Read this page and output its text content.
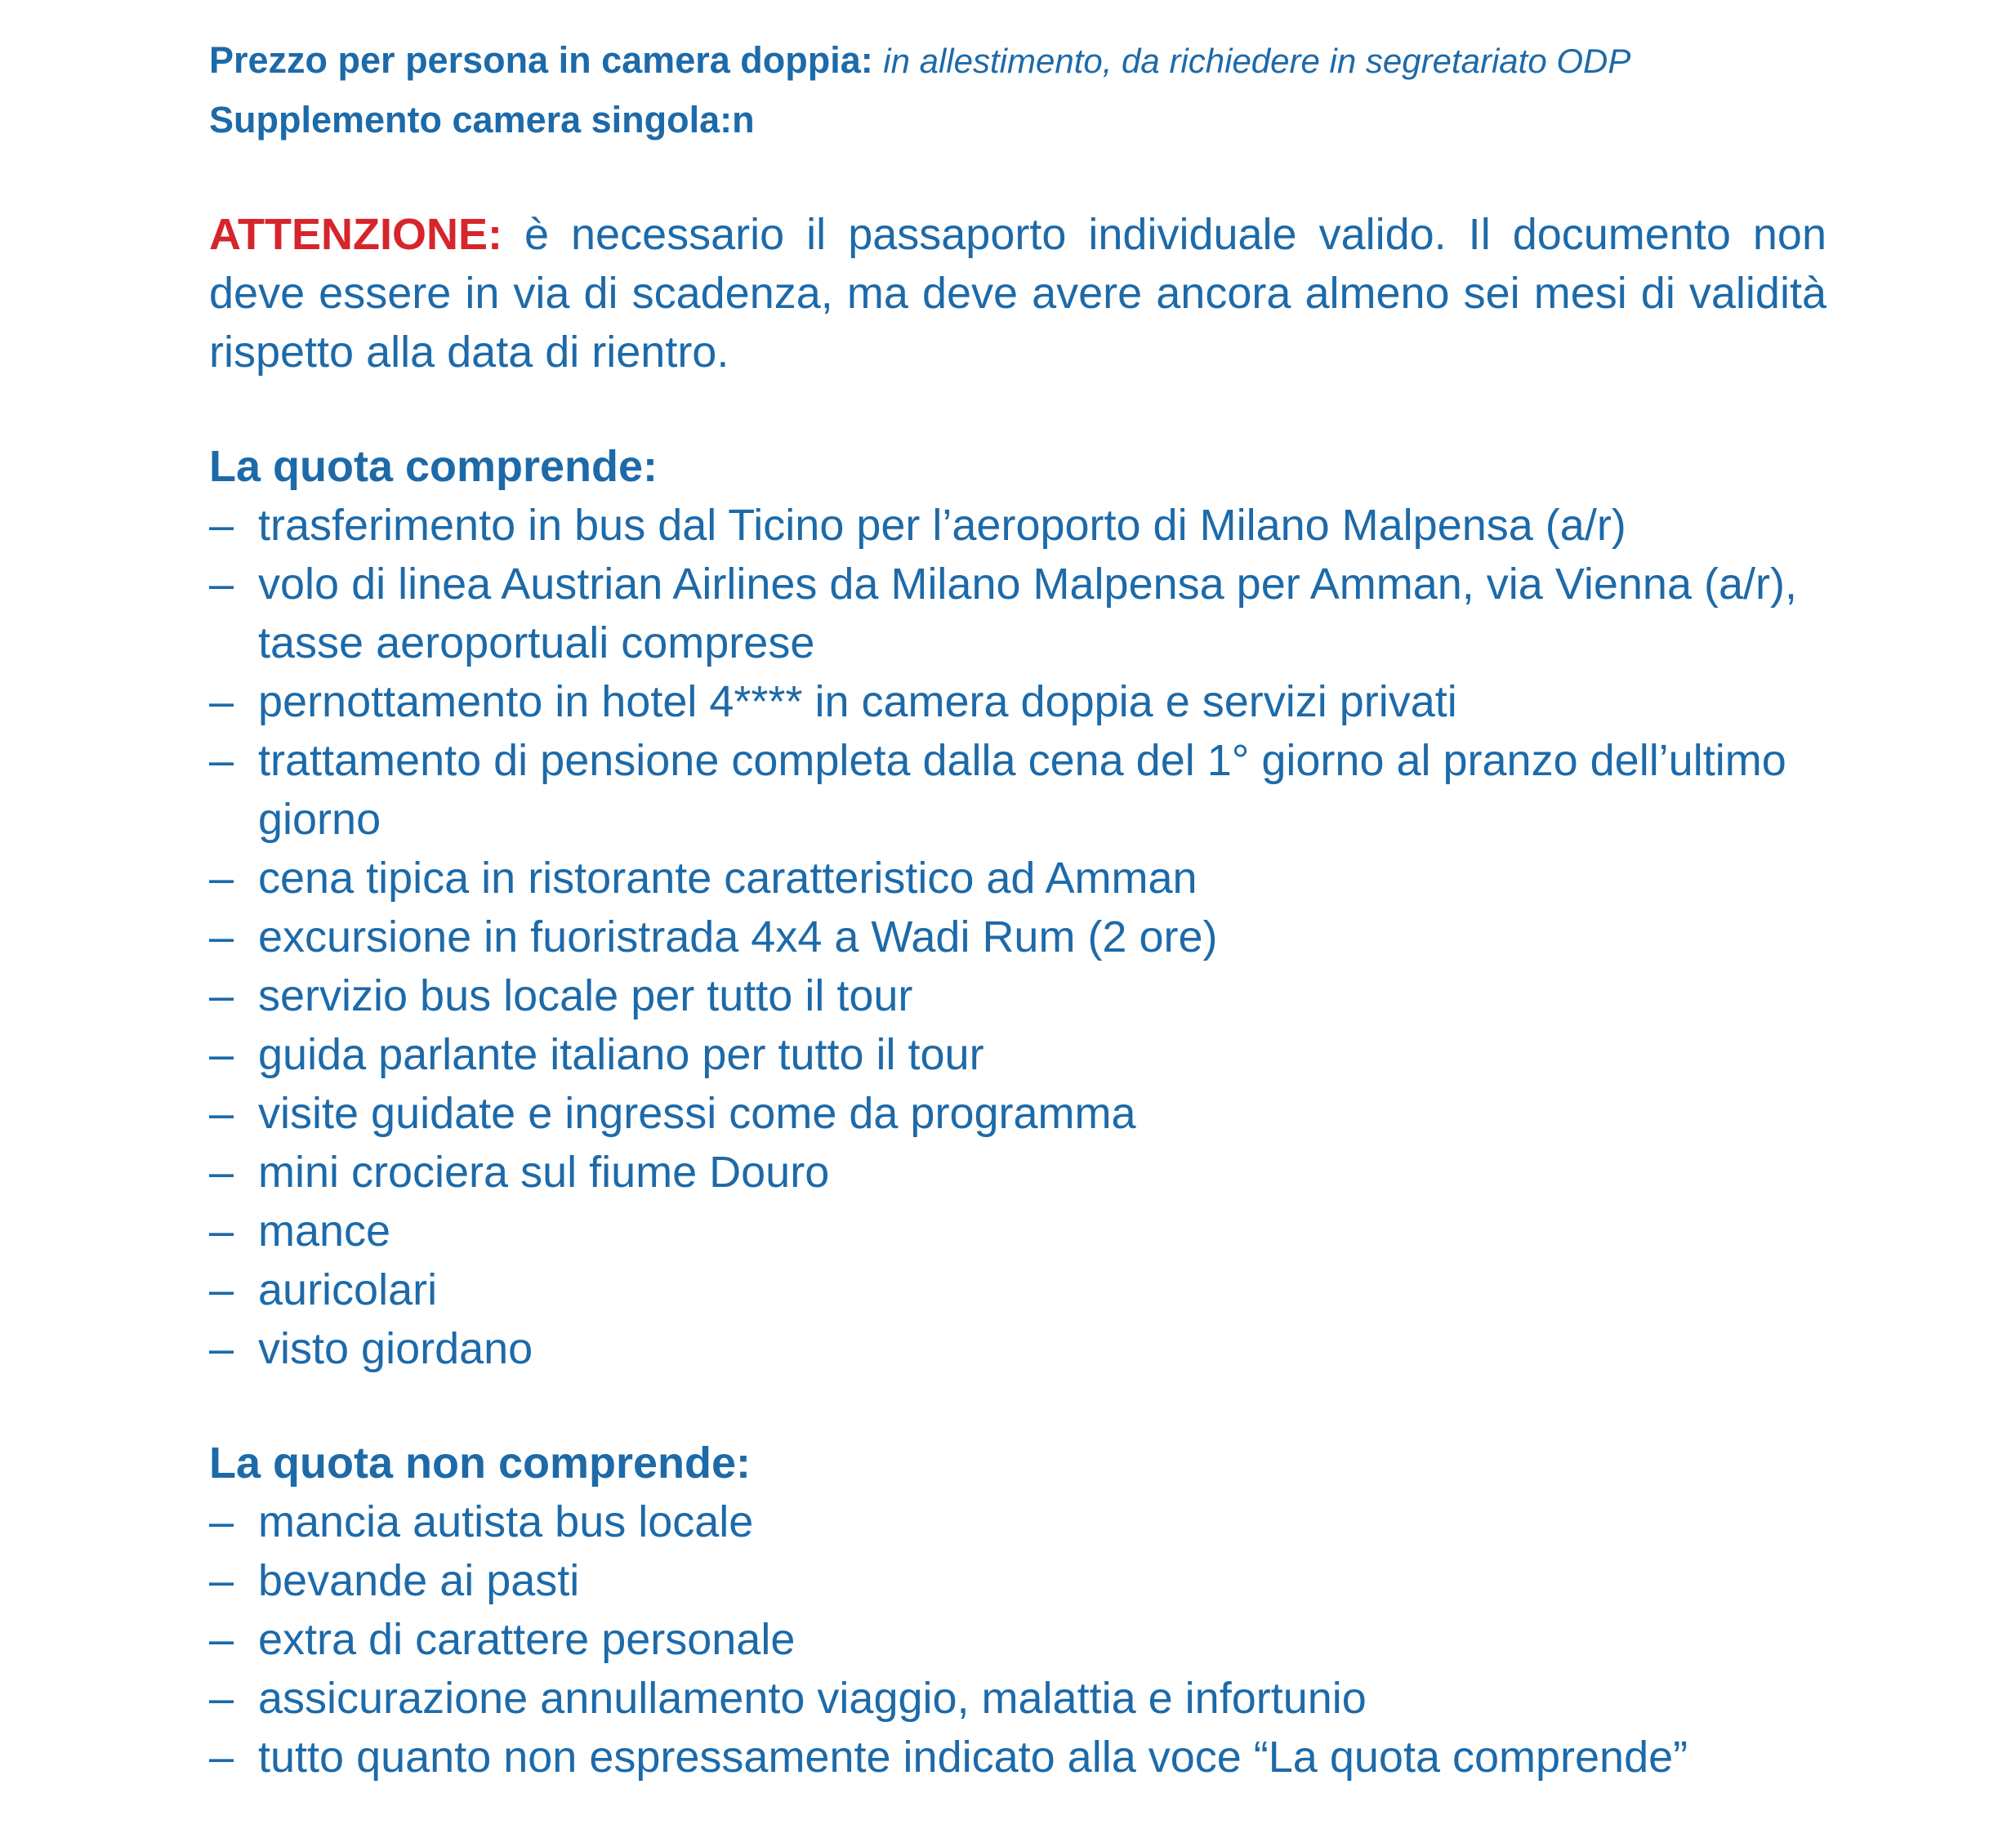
Prezzo per persona in camera doppia: in allestimento, da richiedere in segretariato ODP
Supplemento camera singola:n
ATTENZIONE: è necessario il passaporto individuale valido. Il documento non deve essere in via di scadenza, ma deve avere ancora almeno sei mesi di validità rispetto alla data di rientro.
La quota comprende:
– trasferimento in bus dal Ticino per l’aeroporto di Milano Malpensa (a/r)
– volo di linea Austrian Airlines da Milano Malpensa per Amman, via Vienna (a/r), tasse aeroportuali comprese
– pernottamento in hotel 4**** in camera doppia e servizi privati
– trattamento di pensione completa dalla cena del 1° giorno al pranzo dell’ultimo giorno
– cena tipica in ristorante caratteristico ad Amman
– excursione in fuoristrada 4x4 a Wadi Rum (2 ore)
– servizio bus locale per tutto il tour
– guida parlante italiano per tutto il tour
– visite guidate e ingressi come da programma
– mini crociera sul fiume Douro
– mance
– auricolari
– visto giordano
La quota non comprende:
– mancia autista bus locale
– bevande ai pasti
– extra di carattere personale
– assicurazione annullamento viaggio, malattia e infortunio
– tutto quanto non espressamente indicato alla voce “La quota comprende”
